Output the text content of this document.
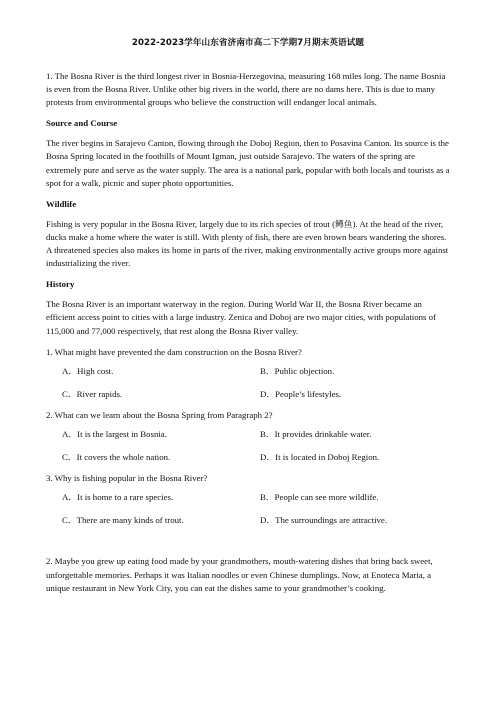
2022-2023学年山东省济南市高二下学期7月期末英语试题

1. The Bosna River is the third longest river in Bosnia-Herzegovina, measuring 168 miles long. The name Bosnia is even from the Bosna River. Unlike other big rivers in the world, there are no dams here. This is due to many protests from environmental groups who believe the construction will endanger local animals.

Source and Course

The river begins in Sarajevo Canton, flowing through the Doboj Region, then to Posavina Canton. Its source is the Bosna Spring located in the foothills of Mount Igman, just outside Sarajevo. The waters of the spring are extremely pure and serve as the water supply. The area is a national park, popular with both locals and tourists as a spot for a walk, picnic and super photo opportunities.

Wildlife

Fishing is very popular in the Bosna River, largely due to its rich species of trout (鳟鱼). At the head of the river, ducks make a home where the water is still. With plenty of fish, there are even brown bears wandering the shores. A threatened species also makes its home in parts of the river, making environmentally active groups more against industrializing the river.

History

The Bosna River is an important waterway in the region. During World War II, the Bosna River became an efficient access point to cities with a large industry. Zenica and Doboj are two major cities, with populations of 115,000 and 77,000 respectively, that rest along the Bosna River valley.

1. What might have prevented the dam construction on the Bosna River?

A．High cost.	B．Public objection.
C．River rapids.	D．People’s lifestyles.

2. What can we learn about the Bosna Spring from Paragraph 2?

A．It is the largest in Bosnia.	B．It provides drinkable water.
C．It covers the whole nation.	D．It is located in Doboj Region.

3. Why is fishing popular in the Bosna River?

A．It is home to a rare species.	B．People can see more wildlife.
C．There are many kinds of trout.	D．The surroundings are attractive.

2. Maybe you grew up eating food made by your grandmothers, mouth-watering dishes that bring back sweet, unforgettable memories. Perhaps it was Italian noodles or even Chinese dumplings. Now, at Enoteca Maria, a unique restaurant in New York City, you can eat the dishes same to your grandmother’s cooking.
